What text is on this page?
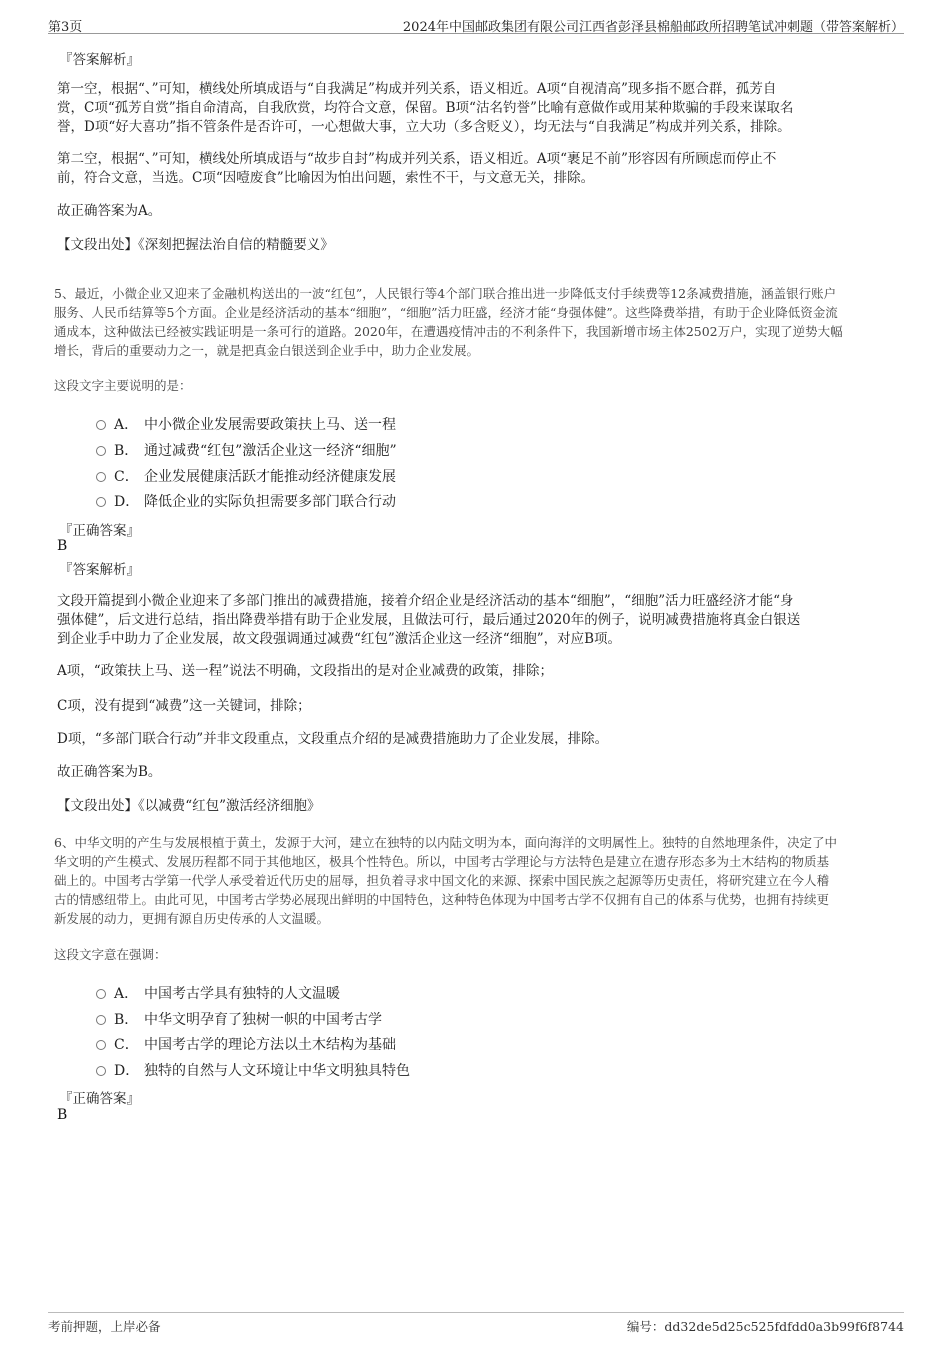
第3页	2024年中国邮政集团有限公司江西省彭泽县棉船邮政所招聘笔试冲刺题（带答案解析）
『答案解析』
第一空，根据“、”可知，横线处所填成语与“自我满足”构成并列关系，语义相近。A项“自视清高”现多指不愿合群，孤芳自
赏，C项“孤芳自赏”指自命清高，自我欣赏，均符合文意，保留。B项“沽名钓誉”比喻有意做作或用某种欺骗的手段来谋取名
誉，D项“好大喜功”指不管条件是否许可，一心想做大事，立大功（多含贬义），均无法与“自我满足”构成并列关系，排除。
第二空，根据“、”可知，横线处所填成语与“故步自封”构成并列关系，语义相近。A项“裹足不前”形容因有所顾虑而停止不
前，符合文意，当选。C项“因噎废食”比喻因为怕出问题，索性不干，与文意无关，排除。
故正确答案为A。
【文段出处】《深刻把握法治自信的精髓要义》
5、最近，小微企业又迎来了金融机构送出的一波“红包”，人民银行等4个部门联合推出进一步降低支付手续费等12条减费措施，涵盖银行账户
服务、人民币结算等5个方面。企业是经济活动的基本“细胞”，“细胞”活力旺盛，经济才能“身强体健”。这些降费举措，有助于企业降低资金流
通成本，这种做法已经被实践证明是一条可行的道路。2020年，在遭遇疫情冲击的不利条件下，我国新增市场主体2502万户，实现了逆势大幅
增长，背后的重要动力之一，就是把真金白银送到企业手中，助力企业发展。
这段文字主要说明的是：
A． 中小微企业发展需要政策扶上马、送一程
B． 通过减费“红包”激活企业这一经济“细胞”
C． 企业发展健康活跃才能推动经济健康发展
D． 降低企业的实际负担需要多部门联合行动
『正确答案』
B
『答案解析』
文段开篇提到小微企业迎来了多部门推出的减费措施，接着介绍企业是经济活动的基本“细胞”，“细胞”活力旺盛经济才能“身
强体健”，后文进行总结，指出降费举措有助于企业发展，且做法可行，最后通过2020年的例子，说明减费措施将真金白银送
到企业手中助力了企业发展，故文段强调通过减费“红包”激活企业这一经济“细胞”，对应B项。
A项，“政策扶上马、送一程”说法不明确，文段指出的是对企业减费的政策，排除；
C项，没有提到“减费”这一关键词，排除；
D项，“多部门联合行动”并非文段重点，文段重点介绍的是减费措施助力了企业发展，排除。
故正确答案为B。
【文段出处】《以减费“红包”激活经济细胞》
6、中华文明的产生与发展根植于黄土，发源于大河，建立在独特的以内陆文明为本，面向海洋的文明属性上。独特的自然地理条件，决定了中
华文明的产生模式、发展历程都不同于其他地区，极具个性特色。所以，中国考古学理论与方法特色是建立在遗存形态多为土木结构的物质基
础上的。中国考古学第一代学人承受着近代历史的屈辱，担负着寻求中国文化的来源、探索中国民族之起源等历史责任，将研究建立在今人稽
古的情感纽带上。由此可见，中国考古学势必展现出鲜明的中国特色，这种特色体现为中国考古学不仅拥有自己的体系与优势，也拥有持续更
新发展的动力，更拥有源自历史传承的人文温暖。
这段文字意在强调：
A． 中国考古学具有独特的人文温暖
B． 中华文明孕育了独树一帜的中国考古学
C． 中国考古学的理论方法以土木结构为基础
D． 独特的自然与人文环境让中华文明独具特色
『正确答案』
B
考前押题，上岸必备	编号：dd32de5d25c525fdfdd0a3b99f6f8744
